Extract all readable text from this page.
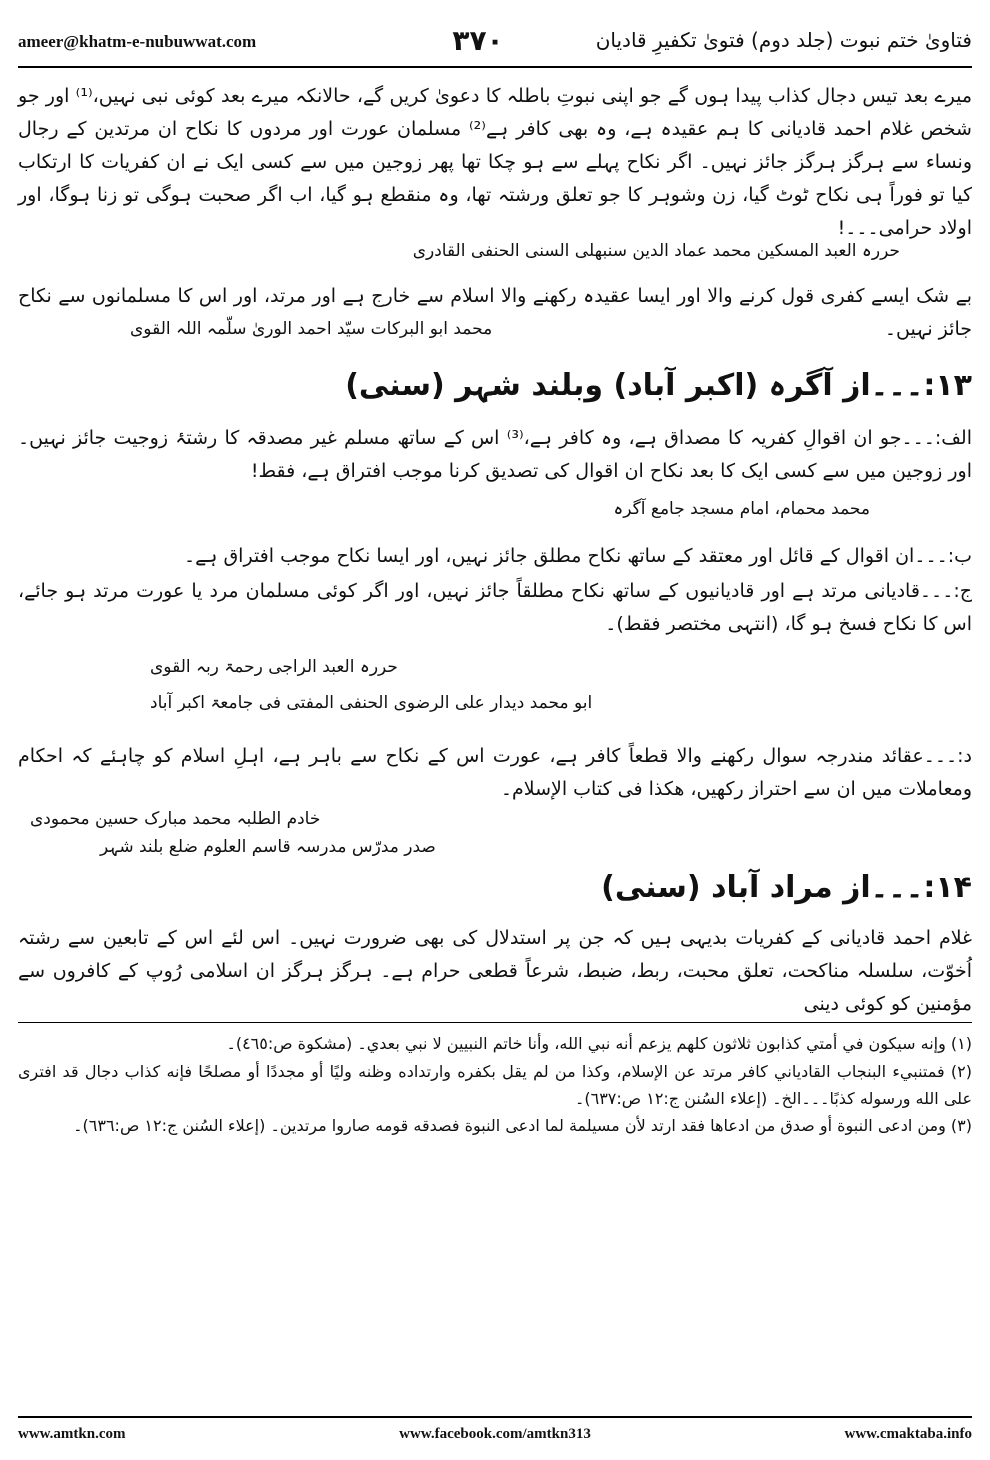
ameer@khatm-e-nubuwwat.com	٣٧٠	فتاویٰ ختم نبوت (جلد دوم) فتویٰ تکفیرِ قادیان
میرے بعد تیس دجال کذاب پیدا ہوں گے جو اپنی نبوتِ باطلہ کا دعویٰ کریں گے، حالانکہ میرے بعد کوئی نبی نہیں،⁽¹⁾ اور جو شخص غلام احمد قادیانی کا ہم عقیدہ ہے، وہ بھی کافر ہے⁽²⁾ مسلمان عورت اور مردوں کا نکاح ان مرتدین کے رجال ونساء سے ہرگز ہرگز جائز نہیں۔ اگر نکاح پہلے سے ہو چکا تھا پھر زوجین میں سے کسی ایک نے ان کفریات کا ارتکاب کیا تو فوراً ہی نکاح ٹوٹ گیا، زن وشوہر کا جو تعلق ورشتہ تھا، وہ منقطع ہو گیا، اب اگر صحبت ہوگی تو زنا ہوگا، اور اولاد حرامی۔۔۔!
حررہ العبد المسکین محمد عماد الدین سنبھلی السنی الحنفی القادری
بے شک ایسے کفری قول کرنے والا اور ایسا عقیدہ رکھنے والا اسلام سے خارج ہے اور مرتد، اور اس کا مسلمانوں سے نکاح جائز نہیں۔
محمد ابو البرکات سیّد احمد الوریٰ سلّمہ اللہ القوی
۱۳:۔۔۔از آگرہ (اکبر آباد) وبلند شہر (سنی)
الف:۔۔۔جو ان اقوالِ کفریہ کا مصداق ہے، وہ کافر ہے،⁽³⁾ اس کے ساتھ مسلم غیر مصدقہ کا رشتۂ زوجیت جائز نہیں۔ اور زوجین میں سے کسی ایک کا بعد نکاح ان اقوال کی تصدیق کرنا موجب افتراق ہے، فقط!
محمد محمام، امام مسجد جامع آگرہ
ب:۔۔۔ان اقوال کے قائل اور معتقد کے ساتھ نکاح مطلق جائز نہیں، اور ایسا نکاح موجب افتراق ہے۔
ج:۔۔۔قادیانی مرتد ہے اور قادیانیوں کے ساتھ نکاح مطلقاً جائز نہیں، اور اگر کوئی مسلمان مرد یا عورت مرتد ہو جائے، اس کا نکاح فسخ ہو گا، (انتہی مختصر فقط)۔
حررہ العبد الراجی رحمۃ ربہ القوی
ابو محمد دیدار علی الرضوی الحنفی المفتی فی جامعۃ اکبر آباد
د:۔۔۔عقائد مندرجہ سوال رکھنے والا قطعاً کافر ہے، عورت اس کے نکاح سے باہر ہے، اہلِ اسلام کو چاہئے کہ احکام ومعاملات میں ان سے احتراز رکھیں، ھکذا فی کتاب الإسلام۔
خادم الطلبہ محمد مبارک حسین محمودی
صدر مدرّس مدرسہ قاسم العلوم ضلع بلند شہر
۱۴:۔۔۔از مراد آباد (سنی)
غلام احمد قادیانی کے کفریات بدیہی ہیں کہ جن پر استدلال کی بھی ضرورت نہیں۔ اس لئے اس کے تابعین سے رشتہ اُخوّت، سلسلہ مناکحت، تعلق محبت، ربط، ضبط، شرعاً قطعی حرام ہے۔ ہرگز ہرگز ان اسلامی رُوپ کے کافروں سے مؤمنین کو کوئی دینی
(۱) وإنه سيكون في أمتي كذابون ثلاثون كلهم يزعم أنه نبي الله، وأنا خاتم النبيين لا نبي بعدي۔ (مشكوة ص:٤٦٥)۔
(۲) فمتنبيء البنجاب القادياني كافر مرتد عن الإسلام، وكذا من لم يقل بكفره وارتداده وظنه وليًا أو مجددًا أو مصلحًا فإنه كذاب دجال قد افترى على الله ورسوله كذبًا۔۔۔الخ۔ (إعلاء السُنن ج:١٢ ص:٦٣٧)۔
(۳) ومن ادعى النبوة أو صدق من ادعاها فقد ارتد لأن مسيلمة لما ادعى النبوة فصدقه قومه صاروا مرتدين۔ (إعلاء السُنن ج:١٢ ص:٦٣٦)۔
www.amtkn.com	www.facebook.com/amtkn313	www.cmaktaba.info
